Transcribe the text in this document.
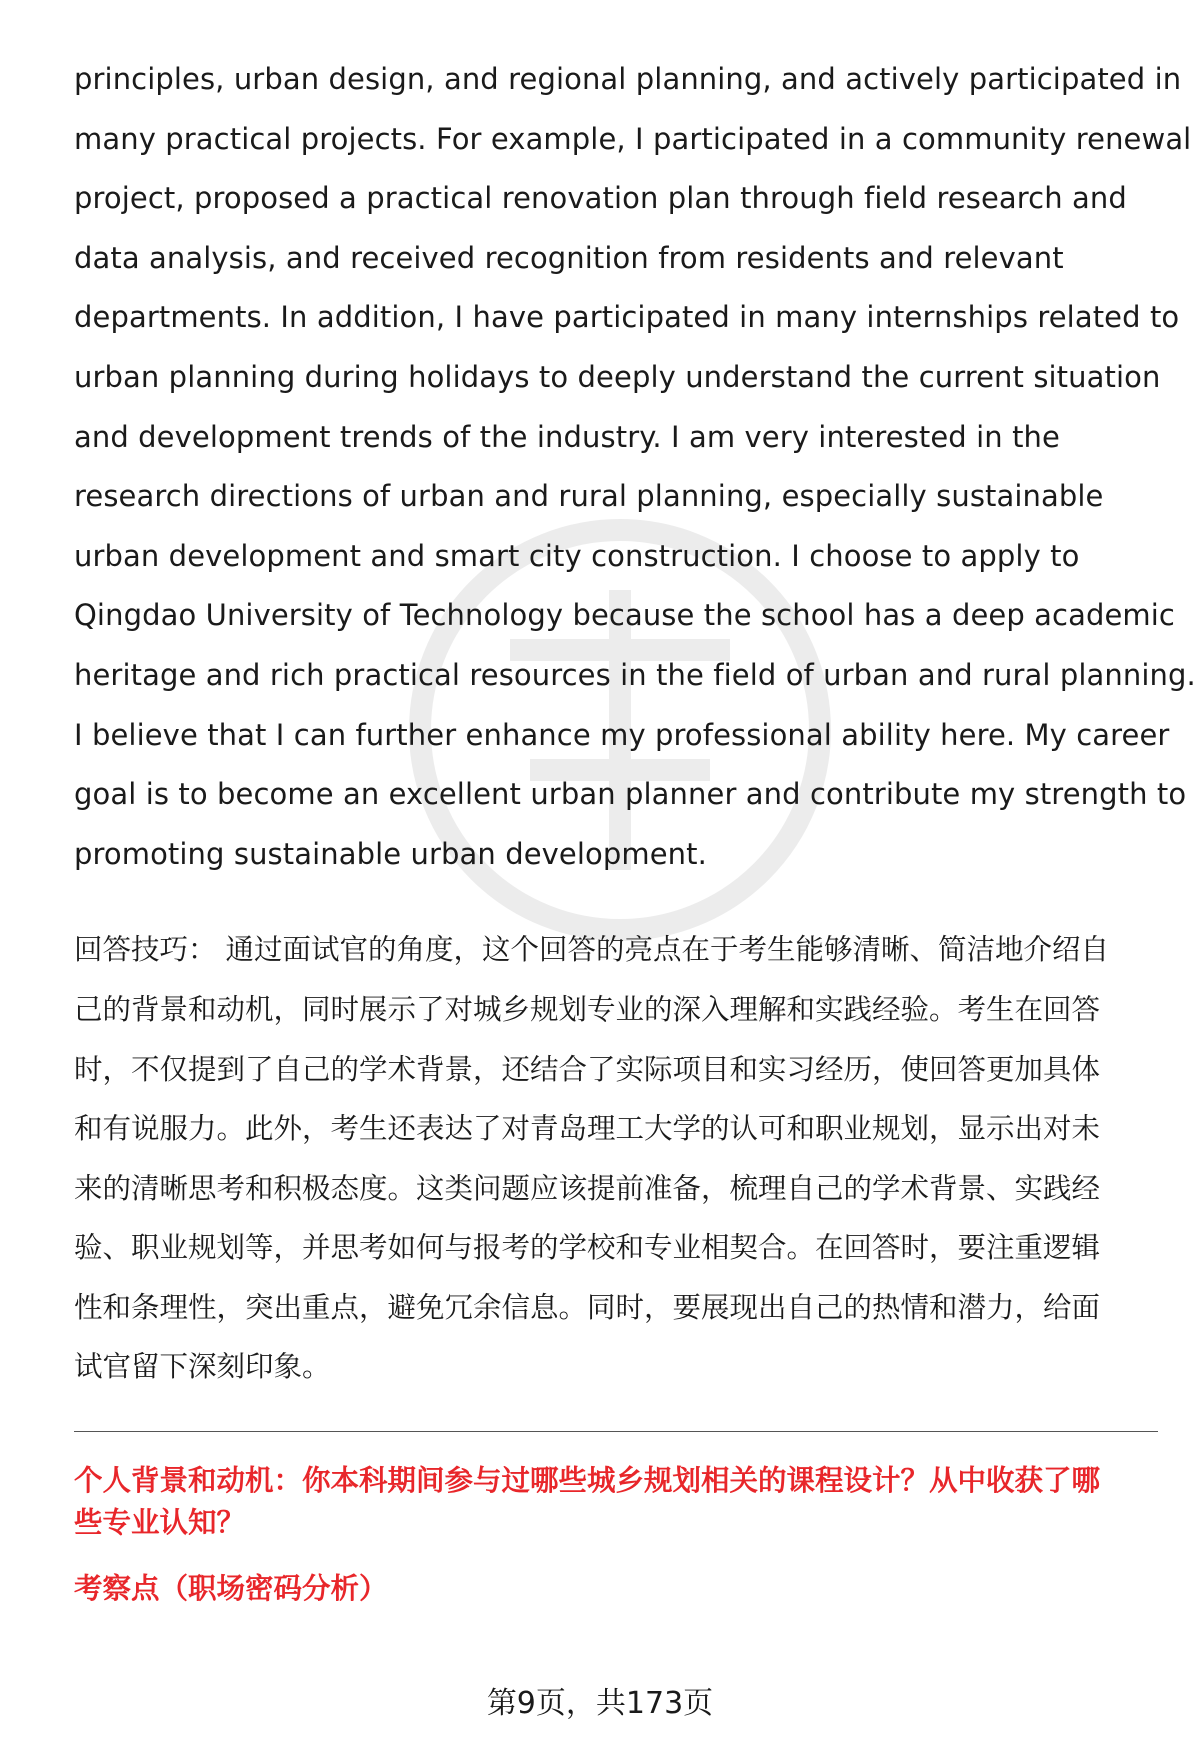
principles, urban design, and regional planning, and actively participated in
many practical projects. For example, I participated in a community renewal
project, proposed a practical renovation plan through field research and
data analysis, and received recognition from residents and relevant
departments. In addition, I have participated in many internships related to
urban planning during holidays to deeply understand the current situation
and development trends of the industry. I am very interested in the
research directions of urban and rural planning, especially sustainable
urban development and smart city construction. I choose to apply to
Qingdao University of Technology because the school has a deep academic
heritage and rich practical resources in the field of urban and rural planning.
I believe that I can further enhance my professional ability here. My career
goal is to become an excellent urban planner and contribute my strength to
promoting sustainable urban development.
回答技巧： 通过面试官的角度，这个回答的亮点在于考生能够清晰、简洁地介绍自
己的背景和动机，同时展示了对城乡规划专业的深入理解和实践经验。考生在回答
时，不仅提到了自己的学术背景，还结合了实际项目和实习经历，使回答更加具体
和有说服力。此外，考生还表达了对青岛理工大学的认可和职业规划，显示出对未
来的清晰思考和积极态度。这类问题应该提前准备，梳理自己的学术背景、实践经
验、职业规划等，并思考如何与报考的学校和专业相契合。在回答时，要注重逻辑
性和条理性，突出重点，避免冗余信息。同时，要展现出自己的热情和潜力，给面
试官留下深刻印象。
个人背景和动机：你本科期间参与过哪些城乡规划相关的课程设计？从中收获了哪
些专业认知？
考察点（职场密码分析）
第9页，共173页
